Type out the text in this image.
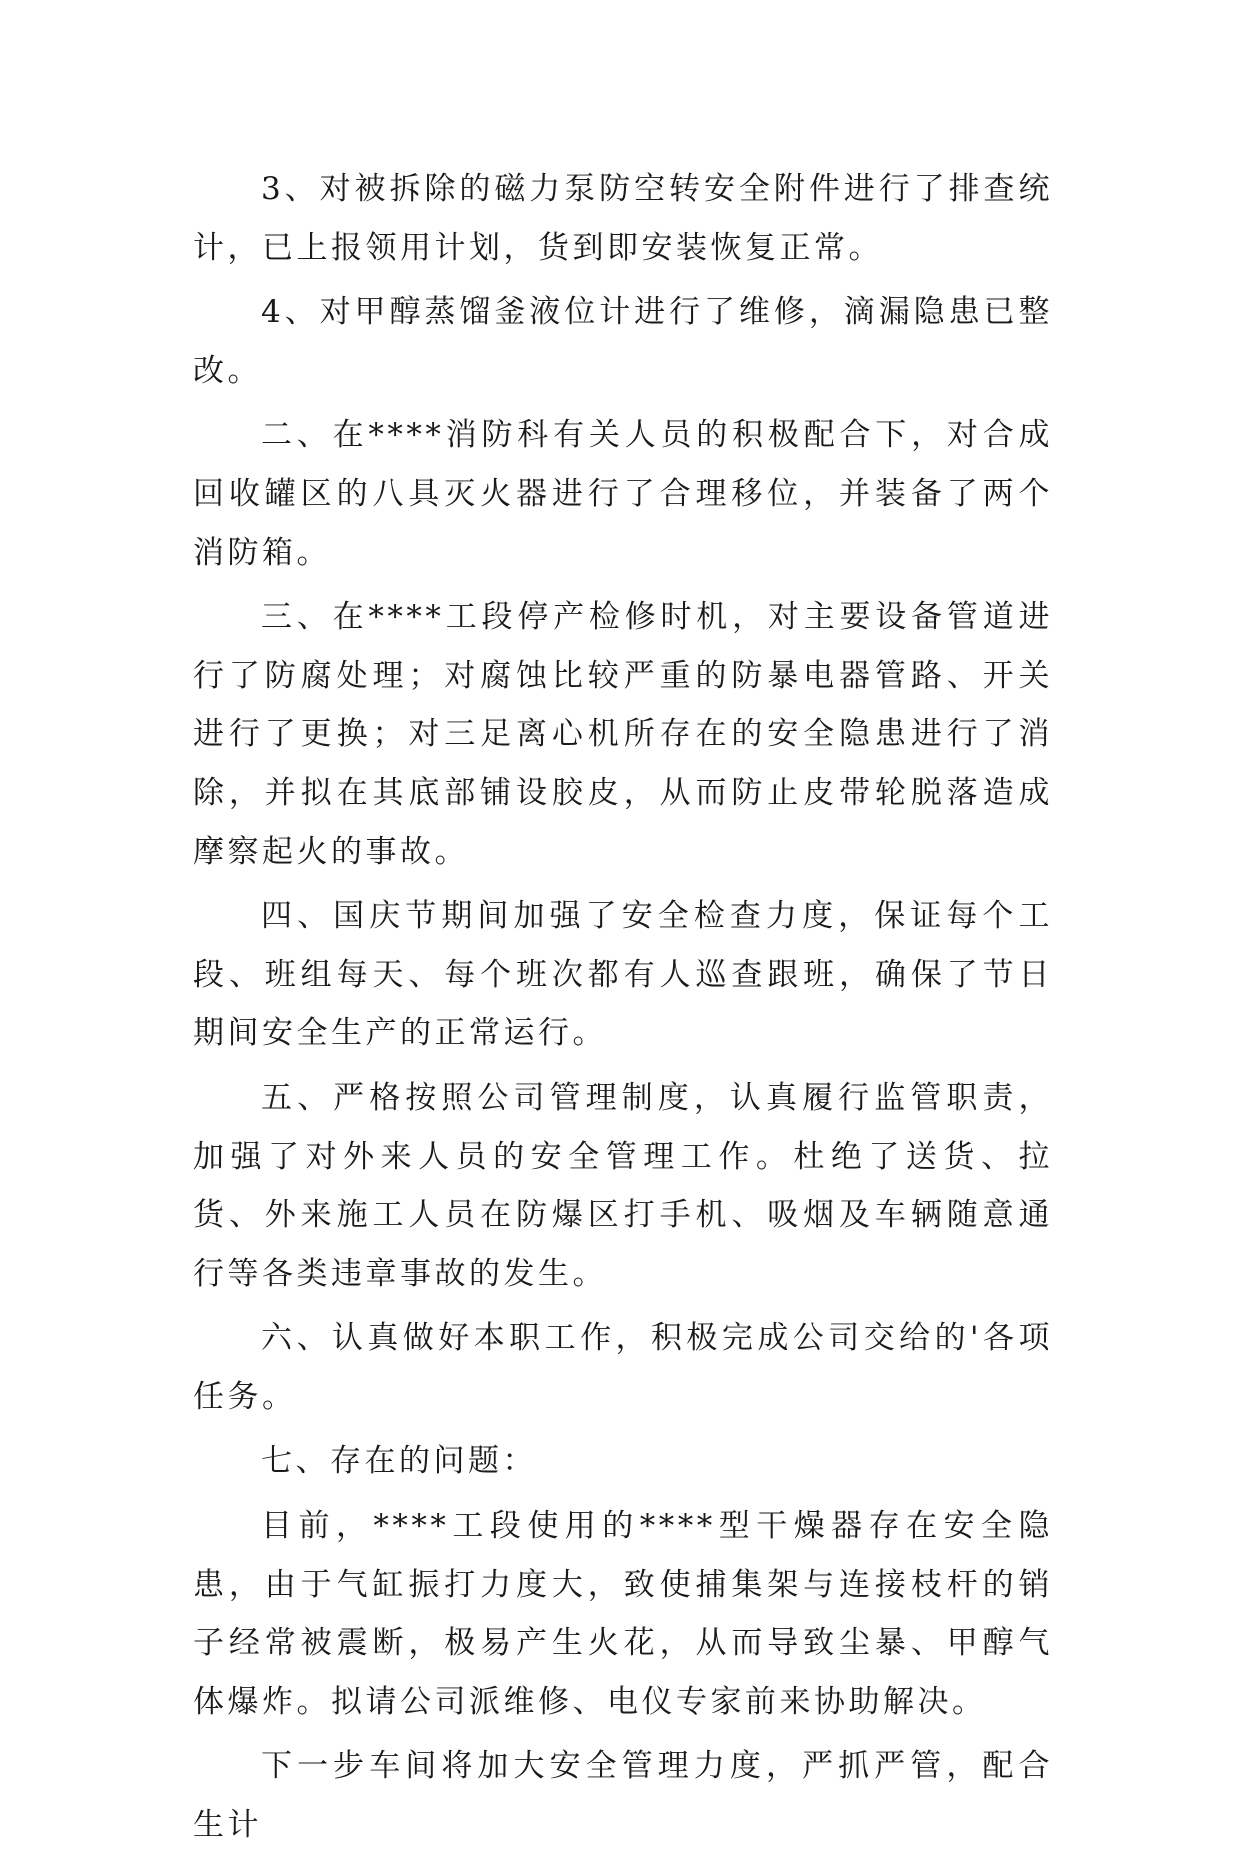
3、对被拆除的磁力泵防空转安全附件进行了排查统计，已上报领用计划，货到即安装恢复正常。

4、对甲醇蒸馏釜液位计进行了维修，滴漏隐患已整改。

二、在****消防科有关人员的积极配合下，对合成回收罐区的八具灭火器进行了合理移位，并装备了两个消防箱。

三、在****工段停产检修时机，对主要设备管道进行了防腐处理；对腐蚀比较严重的防暴电器管路、开关进行了更换；对三足离心机所存在的安全隐患进行了消除，并拟在其底部铺设胶皮，从而防止皮带轮脱落造成摩察起火的事故。

四、国庆节期间加强了安全检查力度，保证每个工段、班组每天、每个班次都有人巡查跟班，确保了节日期间安全生产的正常运行。

五、严格按照公司管理制度，认真履行监管职责，加强了对外来人员的安全管理工作。杜绝了送货、拉货、外来施工人员在防爆区打手机、吸烟及车辆随意通行等各类违章事故的发生。

六、认真做好本职工作，积极完成公司交给的'各项任务。

七、存在的问题：

目前，****工段使用的****型干燥器存在安全隐患，由于气缸振打力度大，致使捕集架与连接枝杆的销子经常被震断，极易产生火花，从而导致尘暴、甲醇气体爆炸。拟请公司派维修、电仪专家前来协助解决。

下一步车间将加大安全管理力度，严抓严管，配合生计
